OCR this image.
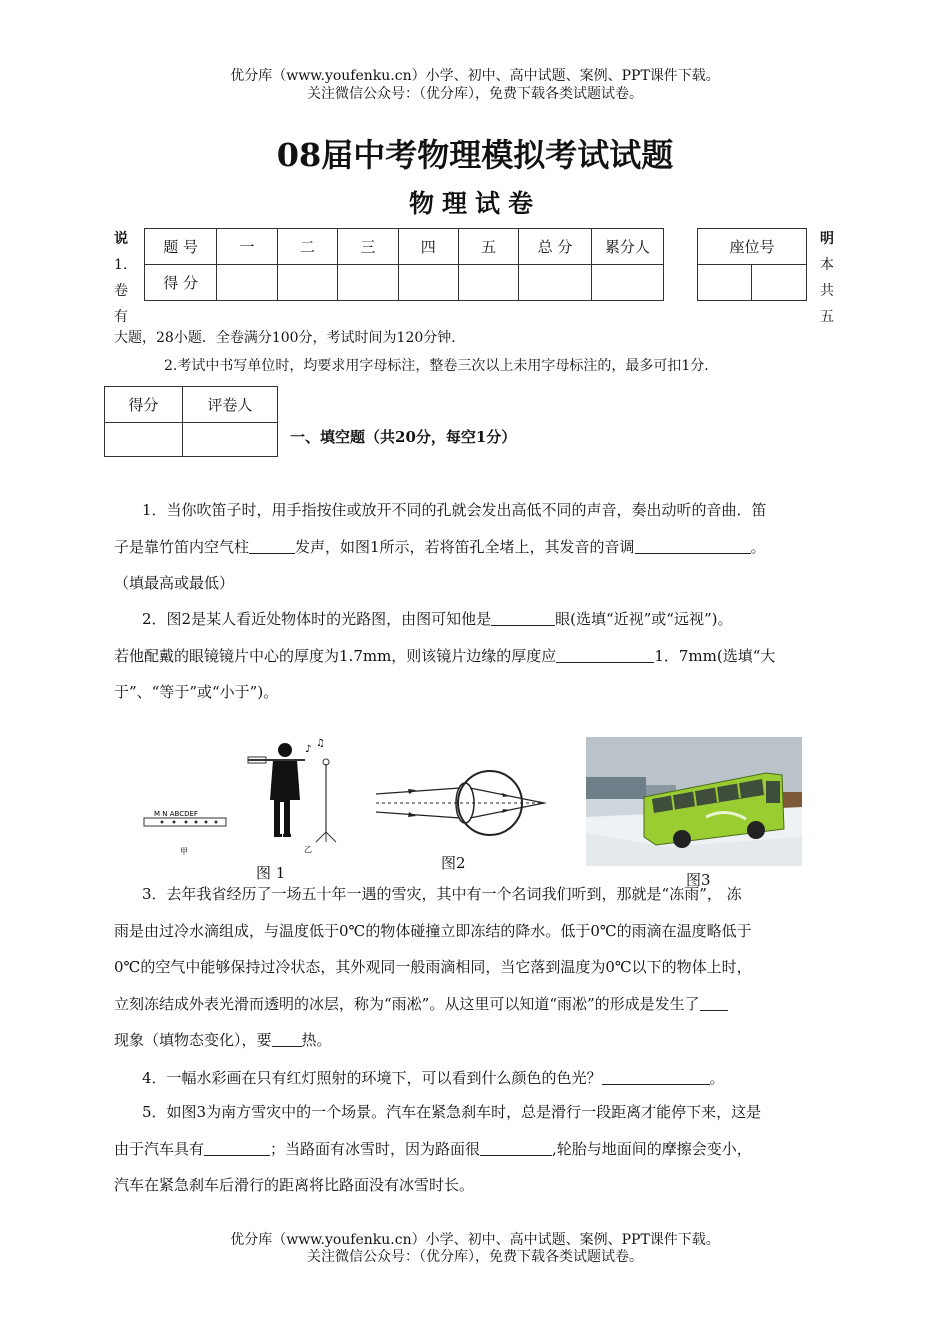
优分库（www.youfenku.cn）小学、初中、高中试题、案例、PPT课件下载。
关注微信公众号：（优分库），免费下载各类试题试卷。
08届中考物理模拟考试试题
物理试卷
说
1.
卷
有
明
本
共
五
题 号	一	二	三	四	五	总 分	累分人
得 分							
座位号

大题，28小题．全卷满分100分，考试时间为120分钟．
2.考试中书写单位时，均要求用字母标注，整卷三次以上未用字母标注的，最多可扣1分．
得分	评卷人

一、填空题（共20分，每空1分）
1．当你吹笛子时，用手指按住或放开不同的孔就会发出高低不同的声音，奏出动听的音曲．笛
子是靠竹笛内空气柱	发声，如图1所示，若将笛孔全堵上，其发音的音调	。
（填最高或最低）
2．图2是某人看近处物体时的光路图，由图可知他是	眼(选填“近视”或“远视”)。
若他配戴的眼镜镜片中心的厚度为1.7mm，则该镜片边缘的厚度应	1．7mm(选填“大
于”、“等于”或“小于”)。
M N ABCDEF
甲
♪
♫
乙
图 1
图2
图3
3．去年我省经历了一场五十年一遇的雪灾，其中有一个名词我们听到，那就是“冻雨”， 冻
雨是由过冷水滴组成，与温度低于0℃的物体碰撞立即冻结的降水。低于0℃的雨滴在温度略低于
0℃的空气中能够保持过冷状态，其外观同一般雨滴相同，当它落到温度为0℃以下的物体上时，
立刻冻结成外表光滑而透明的冰层，称为“雨凇”。从这里可以知道“雨凇”的形成是发生了
现象（填物态变化），要 热。
4．一幅水彩画在只有红灯照射的环境下，可以看到什么颜色的色光？	。
5．如图3为南方雪灾中的一个场景。汽车在紧急刹车时，总是滑行一段距离才能停下来，这是
由于汽车具有	；当路面有冰雪时，因为路面很	,轮胎与地面间的摩擦会变小，
汽车在紧急刹车后滑行的距离将比路面没有冰雪时长。
优分库（www.youfenku.cn）小学、初中、高中试题、案例、PPT课件下载。
关注微信公众号：（优分库），免费下载各类试题试卷。
